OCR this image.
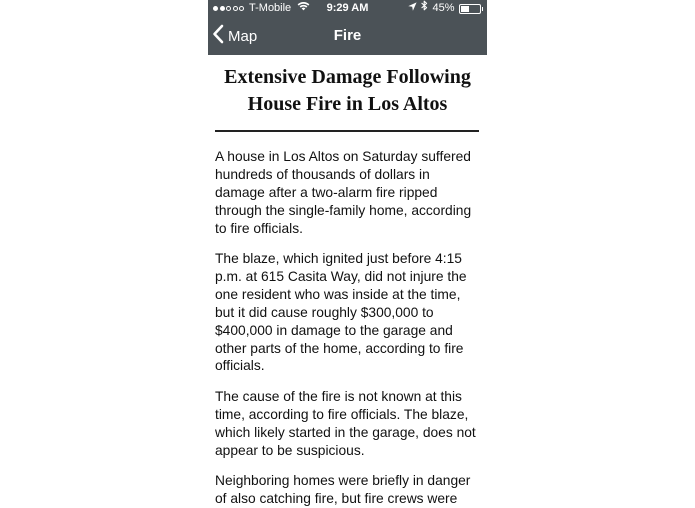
T-Mobile	9:29 AM	45%
Map	Fire
Extensive Damage Following House Fire in Los Altos

A house in Los Altos on Saturday suffered hundreds of thousands of dollars in damage after a two-alarm fire ripped through the single-family home, according to fire officials.

The blaze, which ignited just before 4:15 p.m. at 615 Casita Way, did not injure the one resident who was inside at the time, but it did cause roughly $300,000 to $400,000 in damage to the garage and other parts of the home, according to fire officials.

The cause of the fire is not known at this time, according to fire officials. The blaze, which likely started in the garage, does not appear to be suspicious.

Neighboring homes were briefly in danger of also catching fire, but fire crews were
